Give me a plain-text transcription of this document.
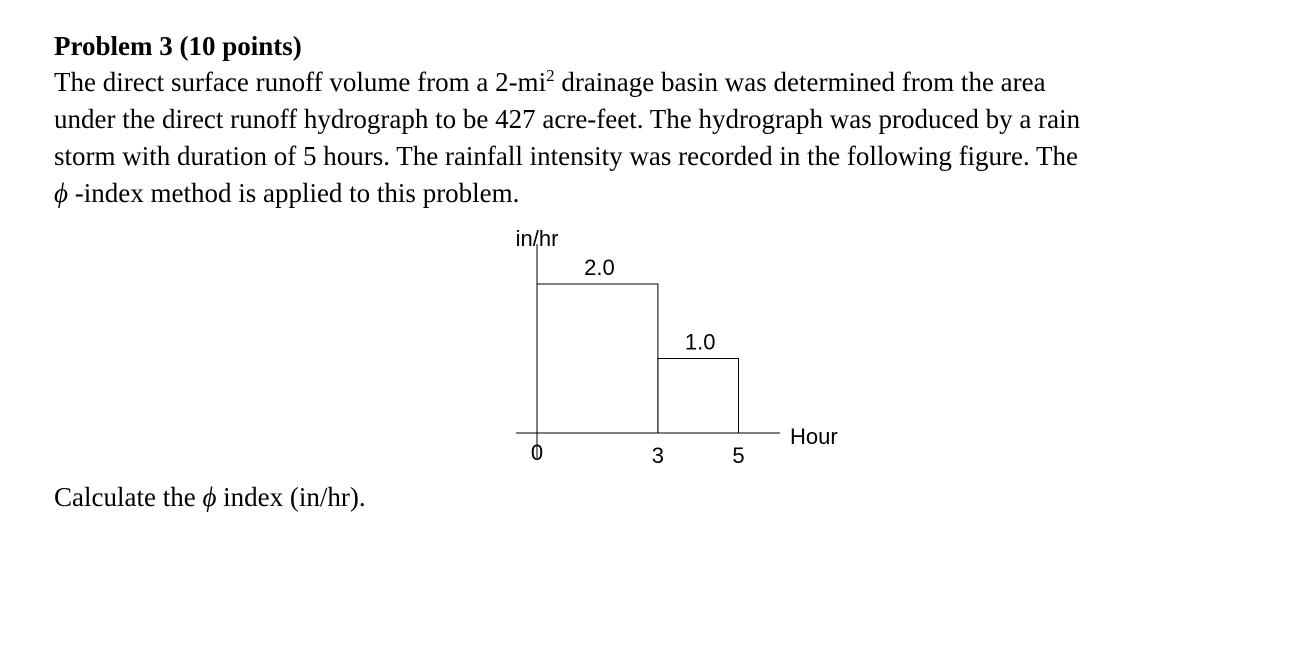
Problem 3 (10 points)

The direct surface runoff volume from a $2-mi^2$ drainage basin was determined from the area

under the direct runoff hydrograph to be 427 acre-feet. The hydrograph was produced by a rain

storm with duration of 5 hours. The rainfall intensity was recorded in the following figure. The

ϕ -index method is applied to this problem.

in/hr
Hour
2.0
1.0
0	3	5

Calculate the ϕ index (in/hr).
